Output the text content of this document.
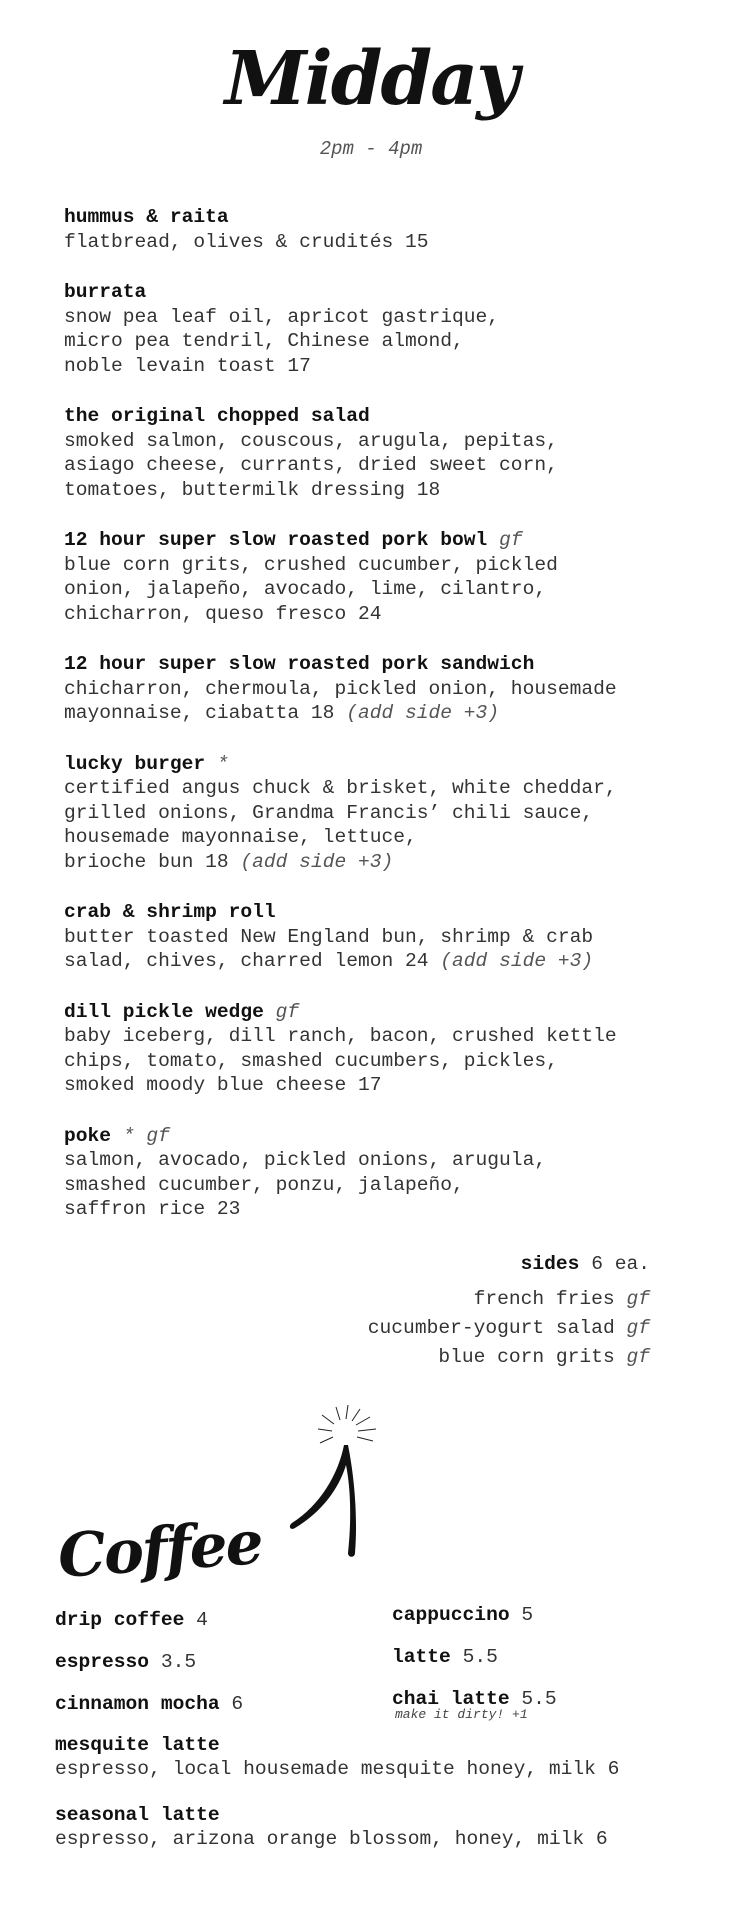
Midday
2pm - 4pm
hummus & raita
flatbread, olives & crudités 15
burrata
snow pea leaf oil, apricot gastrique,
micro pea tendril, Chinese almond,
noble levain toast 17
the original chopped salad
smoked salmon, couscous, arugula, pepitas,
asiago cheese, currants, dried sweet corn,
tomatoes, buttermilk dressing 18
12 hour super slow roasted pork bowl gf
blue corn grits, crushed cucumber, pickled
onion, jalapeño, avocado, lime, cilantro,
chicharron, queso fresco 24
12 hour super slow roasted pork sandwich
chicharron, chermoula, pickled onion, housemade
mayonnaise, ciabatta 18 (add side +3)
lucky burger *
certified angus chuck & brisket, white cheddar,
grilled onions, Grandma Francis’ chili sauce,
housemade mayonnaise, lettuce,
brioche bun 18 (add side +3)
crab & shrimp roll
butter toasted New England bun, shrimp & crab
salad, chives, charred lemon 24 (add side +3)
dill pickle wedge gf
baby iceberg, dill ranch, bacon, crushed kettle
chips, tomato, smashed cucumbers, pickles,
smoked moody blue cheese 17
poke * gf
salmon, avocado, pickled onions, arugula,
smashed cucumber, ponzu, jalapeño,
saffron rice 23
sides 6 ea.
french fries gf
cucumber-yogurt salad gf
blue corn grits gf
Coffee
drip coffee 4
espresso 3.5
cinnamon mocha 6
cappuccino 5
latte 5.5
chai latte 5.5
make it dirty! +1
mesquite latte
espresso, local housemade mesquite honey, milk 6
seasonal latte
espresso, arizona orange blossom, honey, milk 6
